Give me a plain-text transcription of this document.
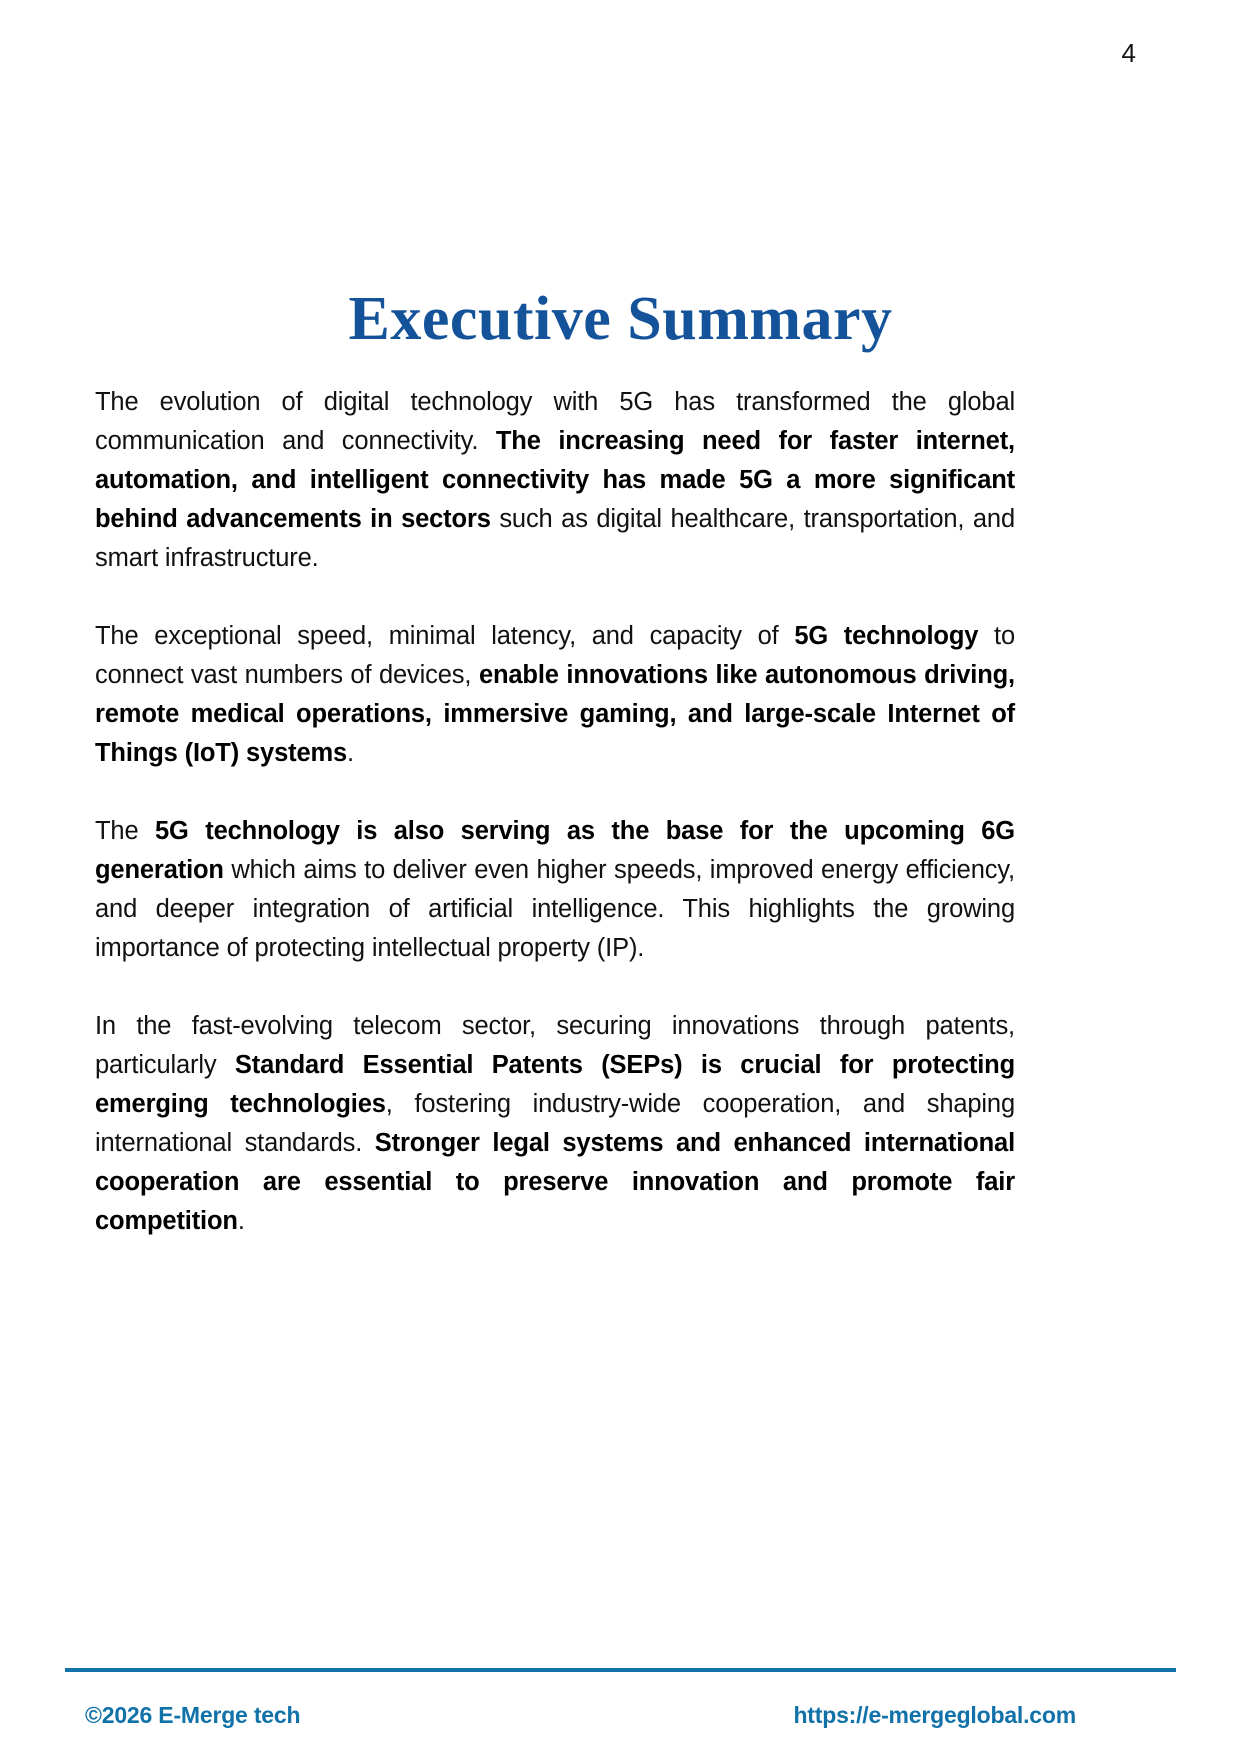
4
Executive Summary

The evolution of digital technology with 5G has transformed the global communication and connectivity. The increasing need for faster internet, automation, and intelligent connectivity has made 5G a more significant behind advancements in sectors such as digital healthcare, transportation, and smart infrastructure.

The exceptional speed, minimal latency, and capacity of 5G technology to connect vast numbers of devices, enable innovations like autonomous driving, remote medical operations, immersive gaming, and large-scale Internet of Things (IoT) systems.

The 5G technology is also serving as the base for the upcoming 6G generation which aims to deliver even higher speeds, improved energy efficiency, and deeper integration of artificial intelligence. This highlights the growing importance of protecting intellectual property (IP).

In the fast-evolving telecom sector, securing innovations through patents, particularly Standard Essential Patents (SEPs) is crucial for protecting emerging technologies, fostering industry-wide cooperation, and shaping international standards. Stronger legal systems and enhanced international cooperation are essential to preserve innovation and promote fair competition.

©2026 E-Merge tech	https://e-mergeglobal.com
